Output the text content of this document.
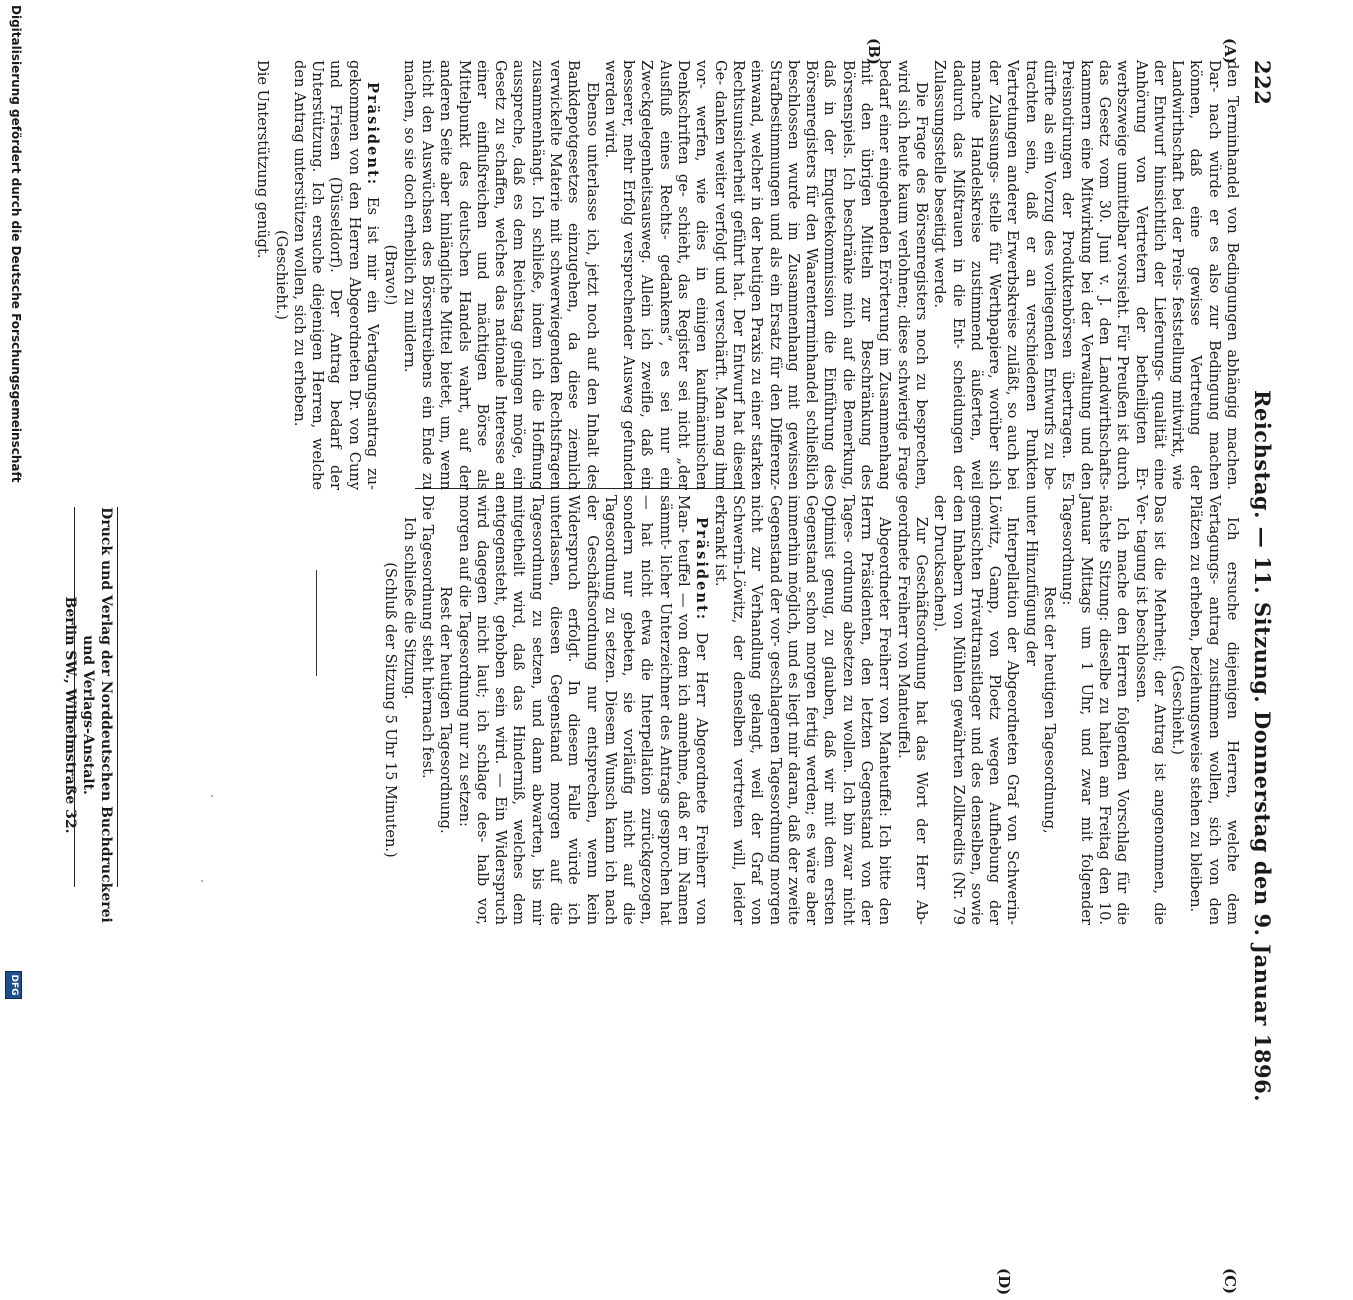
222
Reichstag. — 11. Sitzung. Donnerstag den 9. Januar 1896.
(A)
(B)
(C)
(D)

den Terminhandel von Bedingungen abhängig machen. Dar- nach würde er es also zur Bedingung machen können, daß eine gewisse Vertretung der Landwirthschaft bei der Preis- feststellung mitwirkt, wie der Entwurf hinsichtlich der Lieferungs- qualität eine Anhörung von Vertretern der betheiligten Er- werbszweige unmittelbar vorsieht. Für Preußen ist durch das Gesetz vom 30. Juni v. J. den Landwirthschafts- kammern eine Mitwirkung bei der Verwaltung und den Preisnotirungen der Produktenbörsen übertragen. Es dürfte als ein Vorzug des vorliegenden Entwurfs zu be- trachten sein, daß er an verschiedenen Punkten Vertretungen anderer Erwerbskreise zuläßt, so auch bei der Zulassungs- stelle für Werthpapiere, worüber sich manche Handelskreise zustimmend äußerten, weil dadurch das Mißtrauen in die Ent- scheidungen der Zulassungsstelle beseitigt werde.

Die Frage des Börsenregisters noch zu besprechen, wird sich heute kaum verlohnen; diese schwierige Frage bedarf einer eingehenden Erörterung im Zusammenhang mit den übrigen Mitteln zur Beschränkung des Börsenspiels. Ich beschränke mich auf die Bemerkung, daß in der Enquetekommission die Einführung des Börsenregisters für den Waarenterminhandel schließlich beschlossen wurde im Zusammenhang mit gewissen Strafbestimmungen und als ein Ersatz für den Differenz- einwand, welcher in der heutigen Praxis zu einer starken Rechtsunsicherheit geführt hat. Der Entwurf hat diesen Ge- danken weiter verfolgt und verschärft. Man mag ihm vor- werfen, wie dies in einigen kaufmännischen Denkschriften ge- schieht, das Register sei nicht „der Ausfluß eines Rechts- gedankens“, es sei nur ein Zweckgelegenheitsausweg. Allein ich zweifle, daß ein besserer, mehr Erfolg versprechender Ausweg gefunden werden wird.

Ebenso unterlasse ich, jetzt noch auf den Inhalt des Bankdepotgesetzes einzugehen, da diese ziemlich verwickelte Materie mit schwerwiegenden Rechtsfragen zusammenhängt. Ich schließe, indem ich die Hoffnung ausspreche, daß es dem Reichstag gelingen möge, ein Gesetz zu schaffen, welches das nationale Interesse an einer einflußreichen und mächtigen Börse als Mittelpunkt des deutschen Handels wahrt, auf der anderen Seite aber hinlängliche Mittel bietet, um, wenn nicht den Auswüchsen des Börsentreibens ein Ende zu machen, so sie doch erheblich zu mildern.

(Bravo!)

Präsident: Es ist mir ein Vertagungsantrag zu- gekommen von den Herren Abgeordneten Dr. von Cuny und Friesen (Düsseldorf). Der Antrag bedarf der Unterstützung. Ich ersuche diejenigen Herren, welche den Antrag unterstützen wollen, sich zu erheben.

(Geschieht.)

Die Unterstützung genügt.

Ich ersuche diejenigen Herren, welche dem Vertagungs- antrag zustimmen wollen, sich von den Plätzen zu erheben, beziehungsweise stehen zu bleiben.

(Geschieht.)

Das ist die Mehrheit; der Antrag ist angenommen, die Ver- tagung ist beschlossen.

Ich mache den Herren folgenden Vorschlag für die nächste Sitzung: dieselbe zu halten am Freitag den 10. Januar Mittags um 1 Uhr, und zwar mit folgender Tagesordnung:

Rest der heutigen Tagesordnung,

unter Hinzufügung der

Interpellation der Abgeordneten Graf von Schwerin- Löwitz, Gamp, von Ploetz wegen Aufhebung der gemischten Privattransitlager und des denselben, sowie den Inhabern von Mühlen gewährten Zollkredits (Nr. 79 der Drucksachen).

Zur Geschäftsordnung hat das Wort der Herr Ab- geordnete Freiherr von Manteuffel.

Abgeordneter Freiherr von Manteuffel: Ich bitte den Herrn Präsidenten, den letzten Gegenstand von der Tages- ordnung absetzen zu wollen. Ich bin zwar nicht Optimist genug, zu glauben, daß wir mit dem ersten Gegenstand schon morgen fertig werden; es wäre aber immerhin möglich, und es liegt mir daran, daß der zweite Gegenstand der vor- geschlagenen Tagesordnung morgen nicht zur Verhandlung gelangt, weil der Graf von Schwerin-Löwitz, der denselben vertreten will, leider erkrankt ist.

Präsident: Der Herr Abgeordnete Freiherr von Man- teuffel — von dem ich annehme, daß er im Namen sämmt- licher Unterzeichner des Antrags gesprochen hat — hat nicht etwa die Interpellation zurückgezogen, sondern nur gebeten, sie vorläufig nicht auf die Tagesordnung zu setzen. Diesem Wunsch kann ich nach der Geschäftsordnung nur entsprechen, wenn kein Widerspruch erfolgt. In diesem Falle würde ich unterlassen, diesen Gegenstand morgen auf die Tagesordnung zu setzen, und dann abwarten, bis mir mitgetheilt wird, daß das Hinderniß, welches dem entgegensteht, gehoben sein wird. — Ein Widerspruch wird dagegen nicht laut; ich schlage des- halb vor, morgen auf die Tagesordnung nur zu setzen:

Rest der heutigen Tagesordnung.

Die Tagesordnung steht hiernach fest.

Ich schließe die Sitzung.

(Schluß der Sitzung 5 Uhr 15 Minuten.)

Druck und Verlag der Norddeutschen Buchdruckerei und Verlags-Anstalt.
Berlin SW., Wilhelmstraße 32.
Digitalisierung gefördert durch die Deutsche Forschungsgemeinschaft
DFG
